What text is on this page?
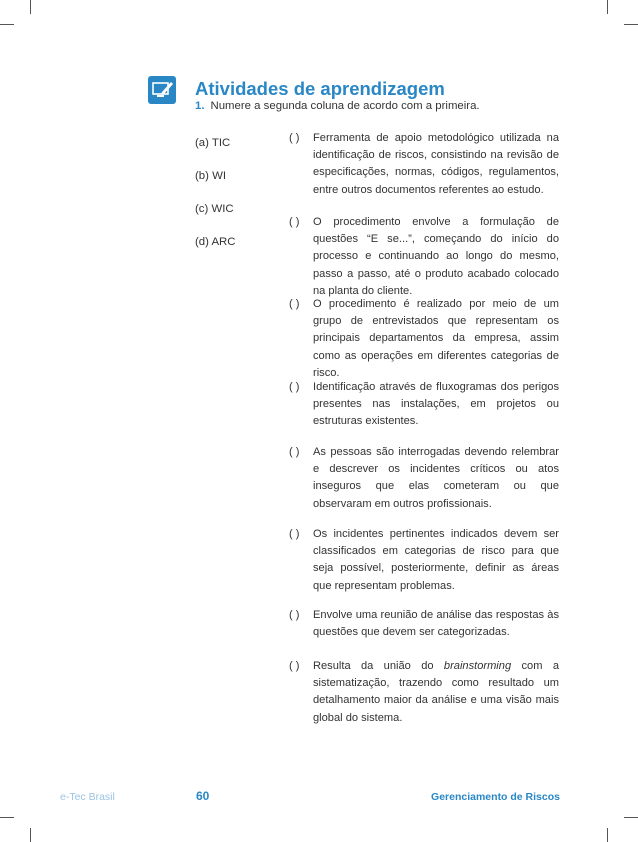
Atividades de aprendizagem
1. Numere a segunda coluna de acordo com a primeira.
(a) TIC
(b) WI
(c) WIC
(d) ARC
( ) Ferramenta de apoio metodológico utilizada na identificação de riscos, consistindo na revisão de especificações, normas, códigos, regulamentos, entre outros documentos referentes ao estudo.
( ) O procedimento envolve a formulação de questões “E se...”, começando do início do processo e continuando ao longo do mesmo, passo a passo, até o produto acabado colocado na planta do cliente.
( ) O procedimento é realizado por meio de um grupo de entrevistados que representam os principais departamentos da empresa, assim como as operações em diferentes categorias de risco.
( ) Identificação através de fluxogramas dos perigos presentes nas instalações, em projetos ou estruturas existentes.
( ) As pessoas são interrogadas devendo relembrar e descrever os incidentes críticos ou atos inseguros que elas cometeram ou que observaram em outros profissionais.
( ) Os incidentes pertinentes indicados devem ser classificados em categorias de risco para que seja possível, posteriormente, definir as áreas que representam problemas.
( ) Envolve uma reunião de análise das respostas às questões que devem ser categorizadas.
( ) Resulta da união do brainstorming com a sistematização, trazendo como resultado um detalhamento maior da análise e uma visão mais global do sistema.
e-Tec Brasil	60	Gerenciamento de Riscos
